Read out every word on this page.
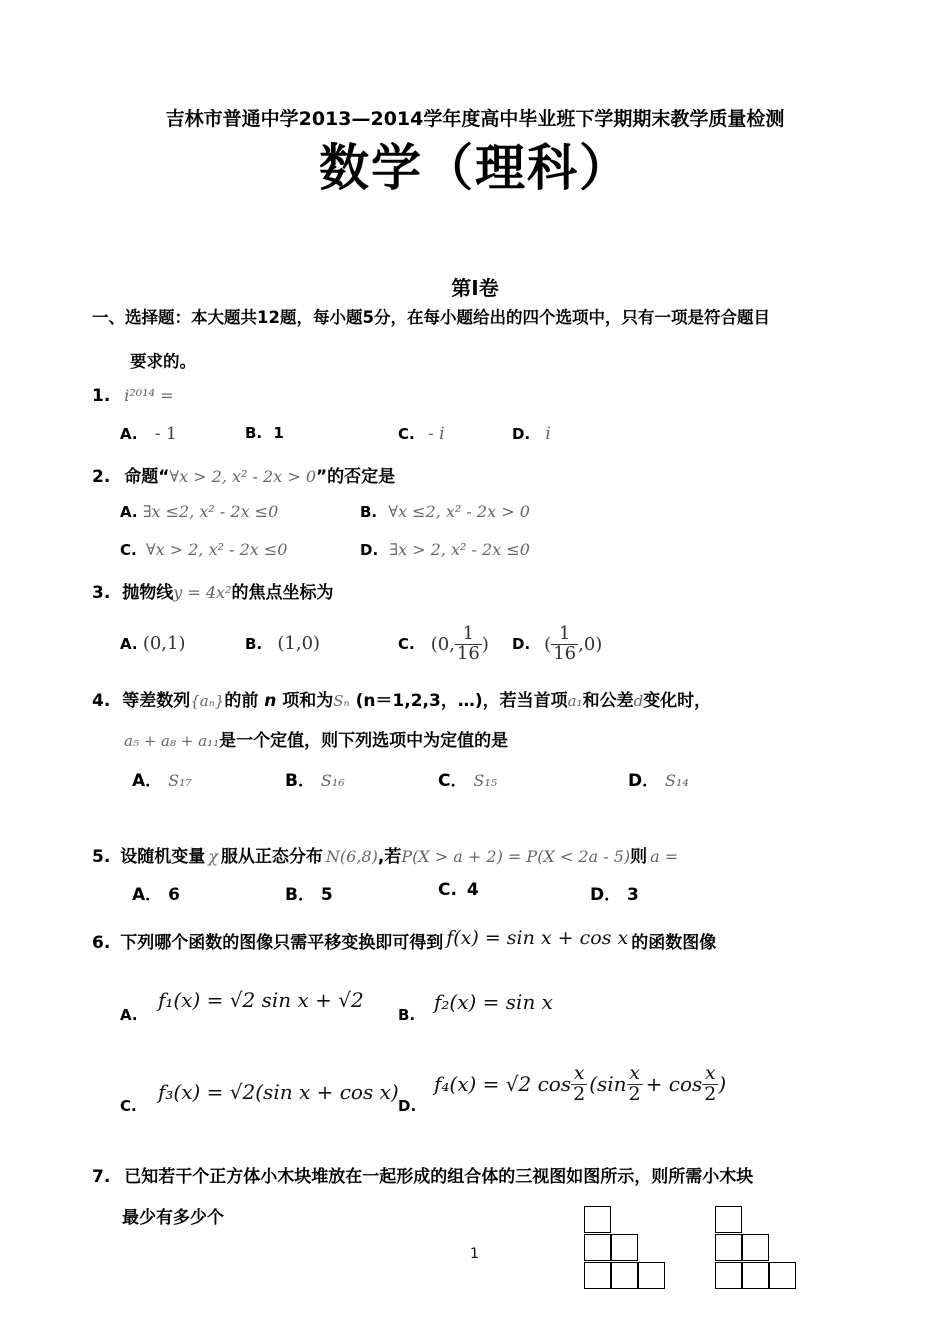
吉林市普通中学2013—2014学年度高中毕业班下学期期末教学质量检测
数学（理科）
第I卷
一、选择题：本大题共12题，每小题5分，在每小题给出的四个选项中，只有一项是符合题目
要求的。
1. i²⁰¹⁴ =
A. - 1	B. 1	C. - i	D. i
2. 命题“∀x > 2, x² - 2x > 0”的否定是
A. ∃x ≤2, x² - 2x ≤0	B. ∀x ≤2, x² - 2x > 0
C. ∀x > 2, x² - 2x ≤0	D. ∃x > 2, x² - 2x ≤0
3. 抛物线y = 4x²的焦点坐标为
A. (0,1)	B. (1,0)	C. (0, $\frac{1}{16}$ ) D. ( $\frac{1}{16} ,0$)
4. 等差数列{aₙ}的前 n 项和为Sₙ (n＝1,2,3，…)，若当首项a₁和公差d变化时，
a₅ + a₈ + a₁₁是一个定值，则下列选项中为定值的是
A． S₁₇	B． S₁₆	C． S₁₅	D． S₁₄
5. 设随机变量 χ 服从正态分布 N(6,8),若P(X > a + 2) = P(X < 2a - 5)则 a =
A． 6	B． 5	C. 4	D． 3
6. 下列哪个函数的图像只需平移变换即可得到 f(x) = sin x + cos x 的函数图像
A.
f₁(x) = √2 sin x + √2
B.
f₂(x) = sin x
C.
f₃(x) = √2(sin x + cos x)
D.
f₄(x) = √2 $\cos \frac{x}{2} (\sin \frac{x}{2} + \cos \frac{x}{2}$ )
7. 已知若干个正方体小木块堆放在一起形成的组合体的三视图如图所示，则所需小木块
最少有多少个
1
